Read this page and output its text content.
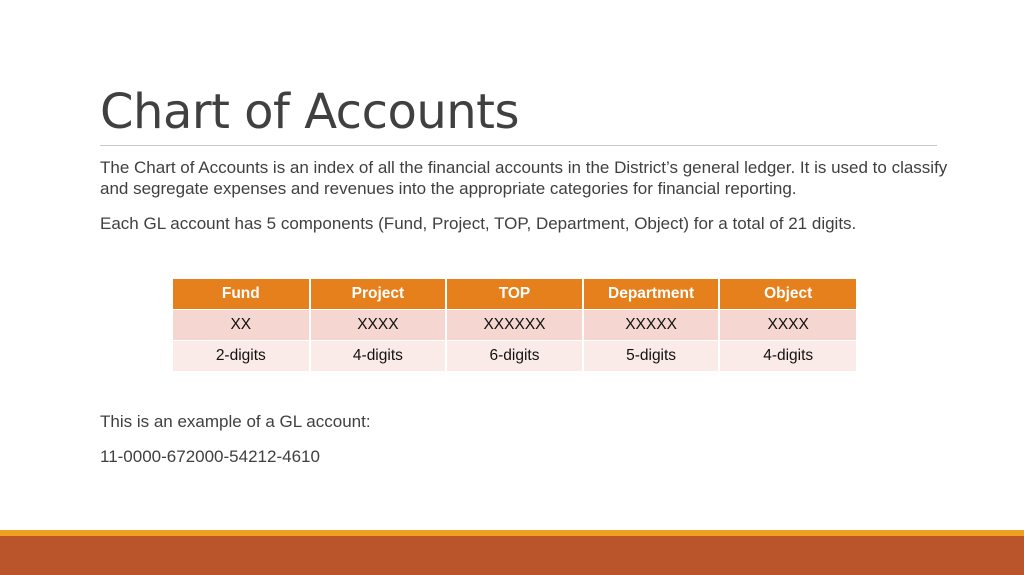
Chart of Accounts

The Chart of Accounts is an index of all the financial accounts in the District’s general ledger. It is used to classify and segregate expenses and revenues into the appropriate categories for financial reporting.

Each GL account has 5 components (Fund, Project, TOP, Department, Object) for a total of 21 digits.

Fund	Project	TOP	Department	Object
XX	XXXX	XXXXXX	XXXXX	XXXX
2-digits	4-digits	6-digits	5-digits	4-digits

This is an example of a GL account:

11-0000-672000-54212-4610
